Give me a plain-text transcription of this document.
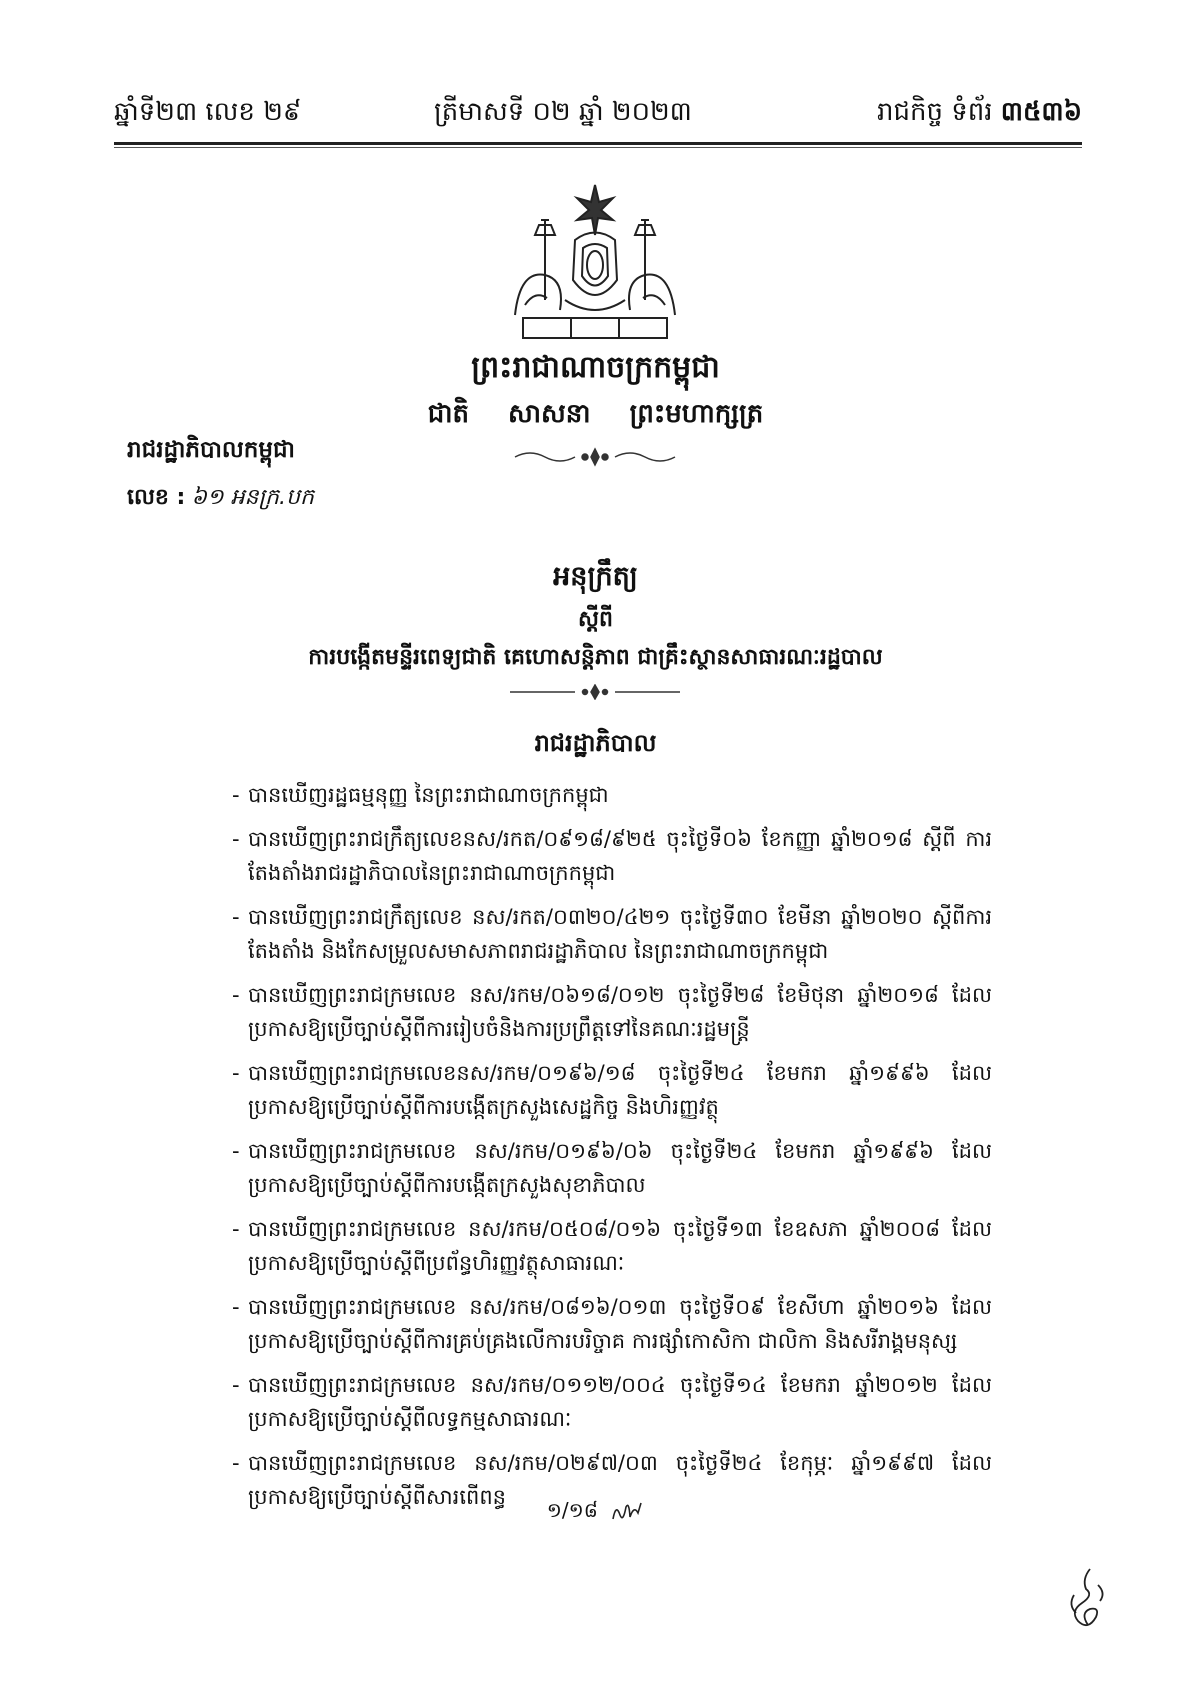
ឆ្នាំទី២៣ លេខ ២៩	ត្រីមាសទី ០២ ឆ្នាំ ២០២៣	រាជកិច្ច ទំព័រ ៣៥៣៦
ព្រះរាជាណាចក្រកម្ពុជា
ជាតិ សាសនា ព្រះមហាក្សត្រ
រាជរដ្ឋាភិបាលកម្ពុជា
លេខ : ៦១ អនក្រ.បក
អនុក្រឹត្យ
ស្តីពី
ការបង្កើតមន្ទីរពេទ្យជាតិ គេហោសន្តិភាព ជាគ្រឹះស្ថានសាធារណៈរដ្ឋបាល
រាជរដ្ឋាភិបាល
- បានឃើញរដ្ឋធម្មនុញ្ញ នៃព្រះរាជាណាចក្រកម្ពុជា
- បានឃើញព្រះរាជក្រឹត្យលេខនស/រកត/០៩១៨/៩២៥ ចុះថ្ងៃទី០៦ ខែកញ្ញា ឆ្នាំ២០១៨ ស្តីពី ការតែងតាំងរាជរដ្ឋាភិបាលនៃព្រះរាជាណាចក្រកម្ពុជា
- បានឃើញព្រះរាជក្រឹត្យលេខ នស/រកត/០៣២០/៤២១ ចុះថ្ងៃទី៣០ ខែមីនា ឆ្នាំ២០២០ ស្តីពីការតែងតាំង និងកែសម្រួលសមាសភាពរាជរដ្ឋាភិបាល នៃព្រះរាជាណាចក្រកម្ពុជា
- បានឃើញព្រះរាជក្រមលេខ នស/រកម/០៦១៨/០១២ ចុះថ្ងៃទី២៨ ខែមិថុនា ឆ្នាំ២០១៨ ដែលប្រកាសឱ្យប្រើច្បាប់ស្តីពីការរៀបចំនិងការប្រព្រឹត្តទៅនៃគណៈរដ្ឋមន្ត្រី
- បានឃើញព្រះរាជក្រមលេខនស/រកម/០១៩៦/១៨ ចុះថ្ងៃទី២៤ ខែមករា ឆ្នាំ១៩៩៦ ដែលប្រកាសឱ្យប្រើច្បាប់ស្តីពីការបង្កើតក្រសួងសេដ្ឋកិច្ច និងហិរញ្ញវត្ថុ
- បានឃើញព្រះរាជក្រមលេខ នស/រកម/០១៩៦/០៦ ចុះថ្ងៃទី២៤ ខែមករា ឆ្នាំ១៩៩៦ ដែលប្រកាសឱ្យប្រើច្បាប់ស្តីពីការបង្កើតក្រសួងសុខាភិបាល
- បានឃើញព្រះរាជក្រមលេខ នស/រកម/០៥០៨/០១៦ ចុះថ្ងៃទី១៣ ខែឧសភា ឆ្នាំ២០០៨ ដែលប្រកាសឱ្យប្រើច្បាប់ស្តីពីប្រព័ន្ធហិរញ្ញវត្ថុសាធារណៈ
- បានឃើញព្រះរាជក្រមលេខ នស/រកម/០៨១៦/០១៣ ចុះថ្ងៃទី០៩ ខែសីហា ឆ្នាំ២០១៦ ដែលប្រកាសឱ្យប្រើច្បាប់ស្តីពីការគ្រប់គ្រងលើការបរិច្ចាគ ការផ្សាំកោសិកា ជាលិកា និងសរីរាង្គមនុស្ស
- បានឃើញព្រះរាជក្រមលេខ នស/រកម/០១១២/០០៤ ចុះថ្ងៃទី១៤ ខែមករា ឆ្នាំ២០១២ ដែលប្រកាសឱ្យប្រើច្បាប់ស្តីពីលទ្ធកម្មសាធារណៈ
- បានឃើញព្រះរាជក្រមលេខ នស/រកម/០២៩៧/០៣ ចុះថ្ងៃទី២៤ ខែកុម្ភៈ ឆ្នាំ១៩៩៧ ដែលប្រកាសឱ្យប្រើច្បាប់ស្តីពីសារពើពន្ធ
១/១៨
